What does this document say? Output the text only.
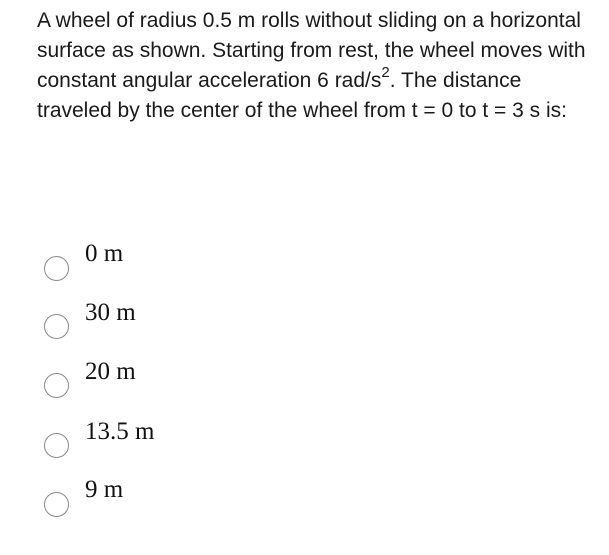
A wheel of radius 0.5 m rolls without sliding on a horizontal surface as shown. Starting from rest, the wheel moves with constant angular acceleration 6 rad/$s^2$. The distance traveled by the center of the wheel from t = 0 to t = 3 s is:

0 m
30 m
20 m
13.5 m
9 m
